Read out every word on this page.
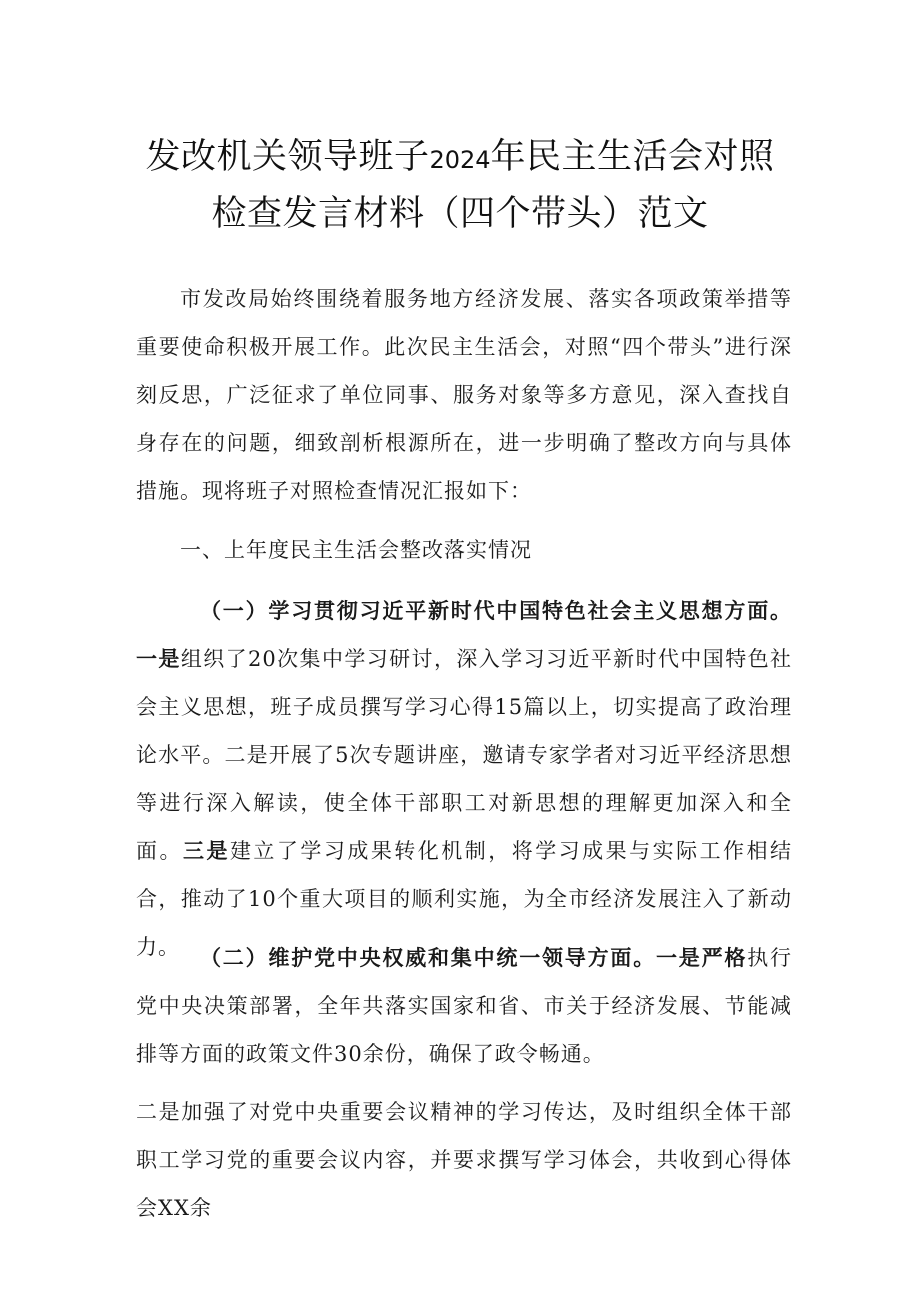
发改机关领导班子2024年民主生活会对照
检查发言材料（四个带头）范文

市发改局始终围绕着服务地方经济发展、落实各项政策举措等重要使命积极开展工作。此次民主生活会，对照“四个带头”进行深刻反思，广泛征求了单位同事、服务对象等多方意见，深入查找自身存在的问题，细致剖析根源所在，进一步明确了整改方向与具体措施。现将班子对照检查情况汇报如下：

一、上年度民主生活会整改落实情况

（一）学习贯彻习近平新时代中国特色社会主义思想方面。一是组织了20次集中学习研讨，深入学习习近平新时代中国特色社会主义思想，班子成员撰写学习心得15篇以上，切实提高了政治理论水平。二是开展了5次专题讲座，邀请专家学者对习近平经济思想等进行深入解读，使全体干部职工对新思想的理解更加深入和全面。三是建立了学习成果转化机制，将学习成果与实际工作相结合，推动了10个重大项目的顺利实施，为全市经济发展注入了新动力。 （二）维护党中央权威和集中统一领导方面。一是严格执行党中央决策部署，全年共落实国家和省、市关于经济发展、节能减排等方面的政策文件30余份，确保了政令畅通。

二是加强了对党中央重要会议精神的学习传达，及时组织全体干部职工学习党的重要会议内容，并要求撰写学习体会，共收到心得体会XX余
